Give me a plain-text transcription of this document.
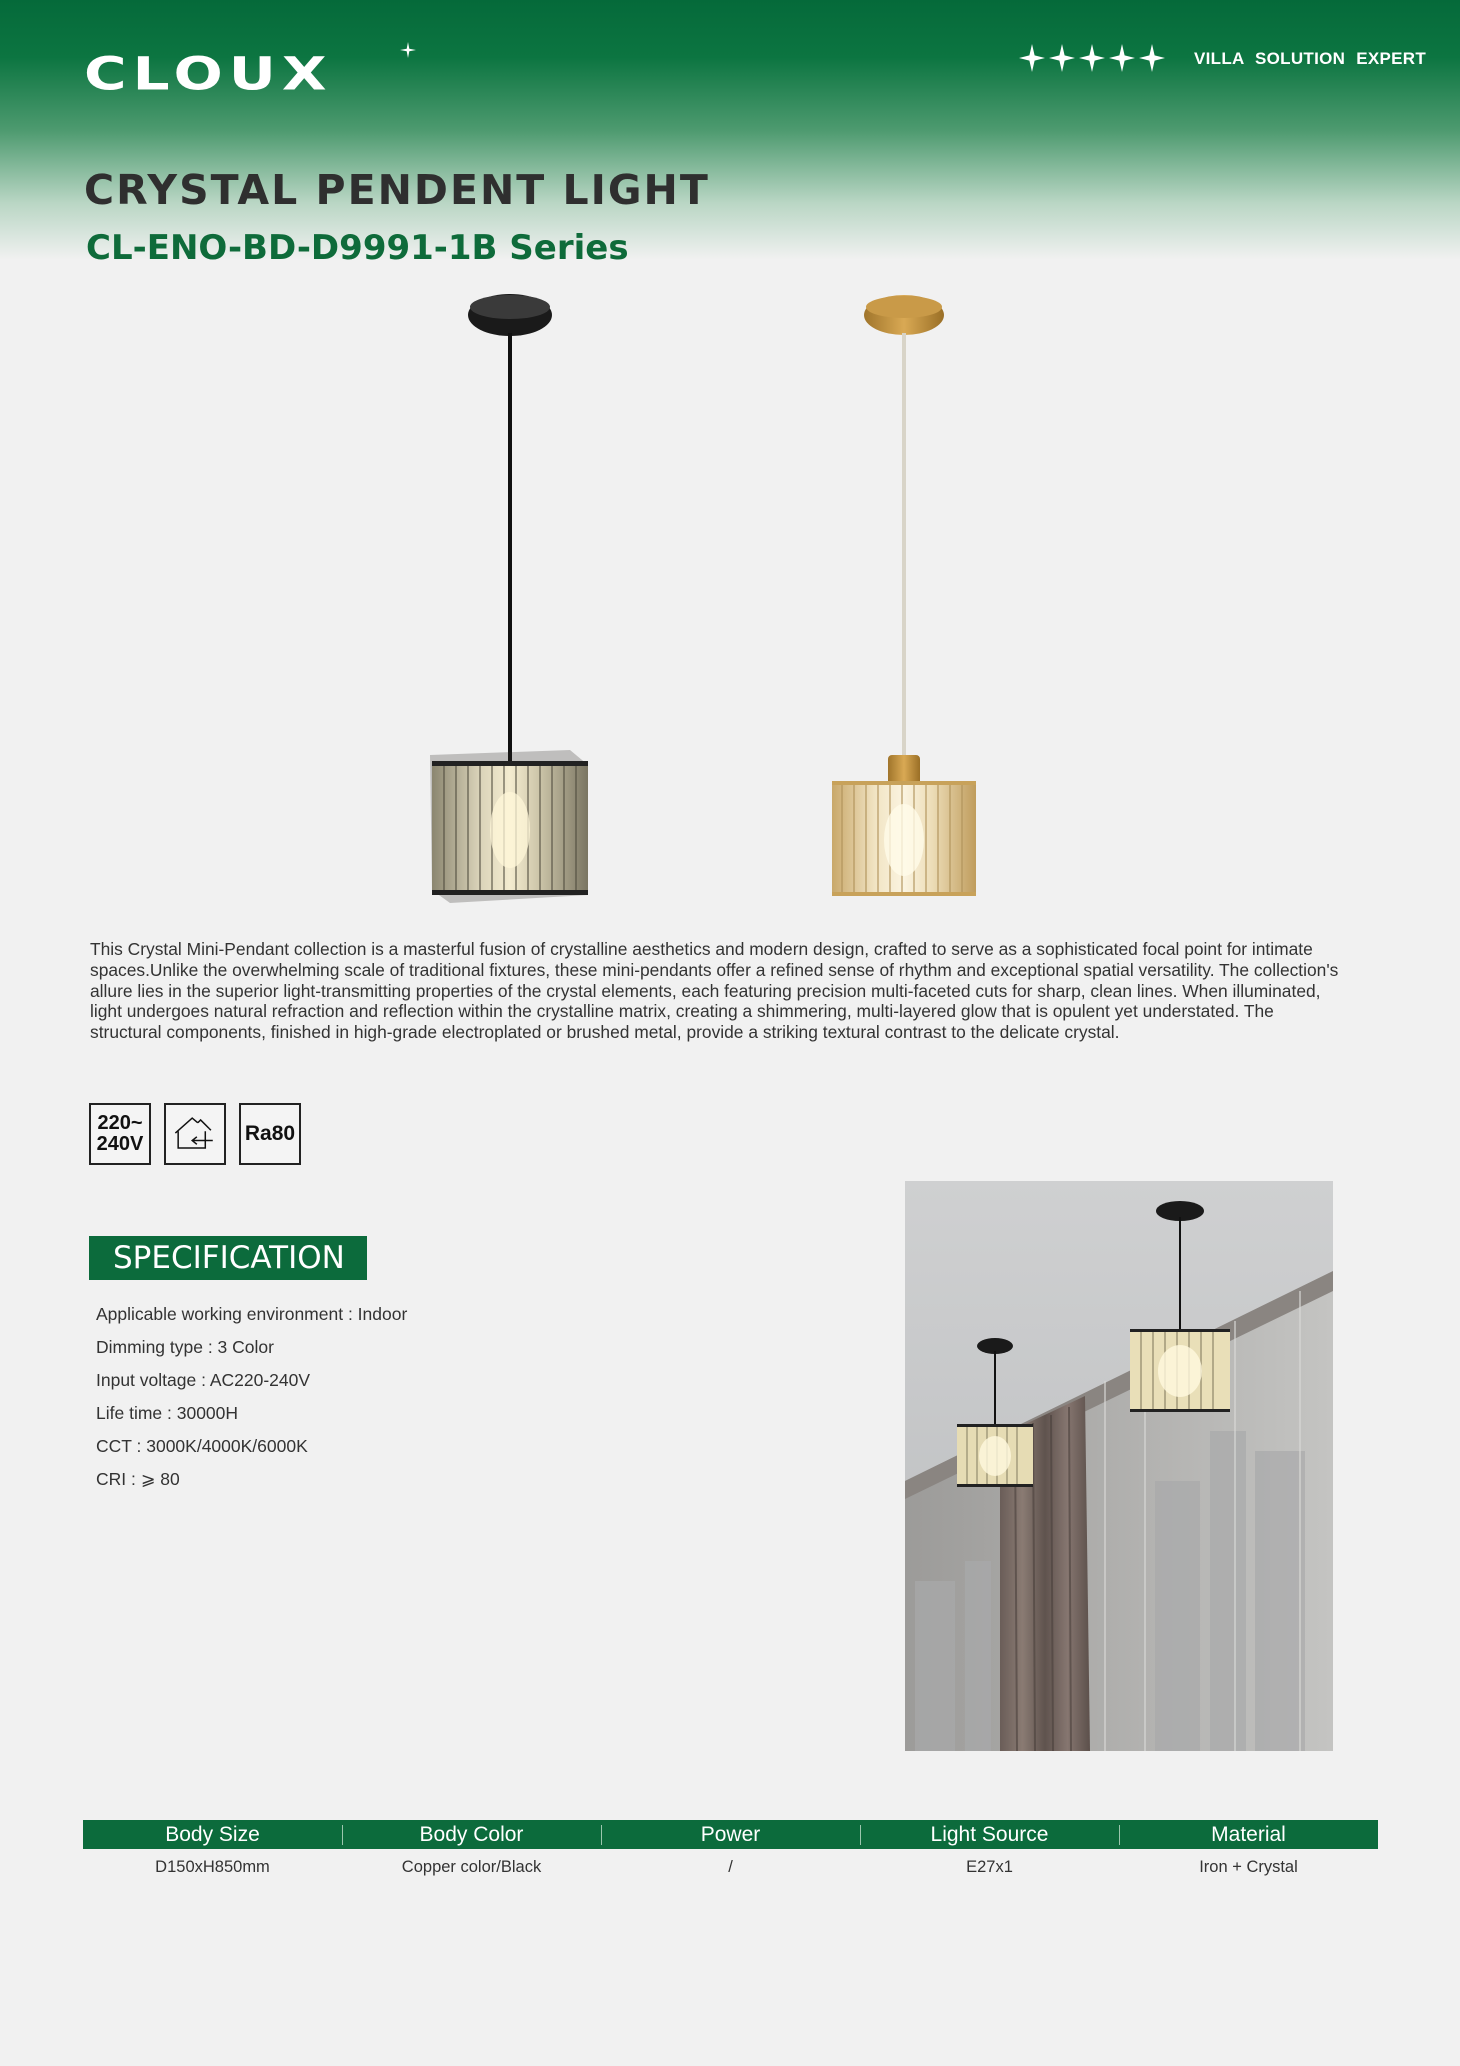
CLOUX	VILLA SOLUTION EXPERT
CRYSTAL PENDENT LIGHT
CL-ENO-BD-D9991-1B Series

This Crystal Mini-Pendant collection is a masterful fusion of crystalline aesthetics and modern design, crafted to serve as a sophisticated focal point for intimate spaces.Unlike the overwhelming scale of traditional fixtures, these mini-pendants offer a refined sense of rhythm and exceptional spatial versatility. The collection's allure lies in the superior light-transmitting properties of the crystal elements, each featuring precision multi-faceted cuts for sharp, clean lines. When illuminated, light undergoes natural refraction and reflection within the crystalline matrix, creating a shimmering, multi-layered glow that is opulent yet understated. The structural components, finished in high-grade electroplated or brushed metal, provide a striking textural contrast to the delicate crystal.

220~
240V	Ra80
SPECIFICATION
Applicable working environment : Indoor
Dimming type : 3 Color
Input voltage : AC220-240V
Life time : 30000H
CCT : 3000K/4000K/6000K
CRI : ⩾ 80
Body Size	Body Color	Power	Light Source	Material
D150xH850mm	Copper color/Black	/	E27x1	Iron + Crystal
